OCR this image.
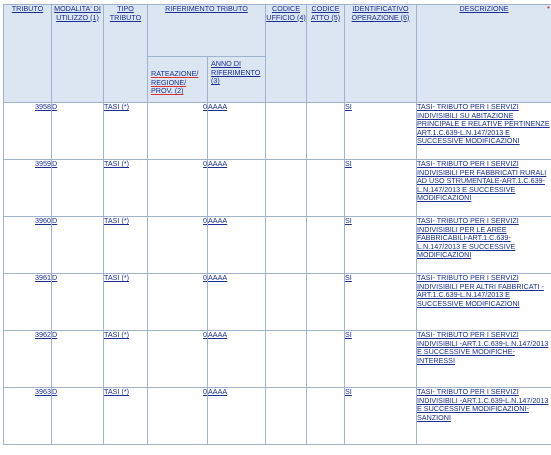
TRIBUTO	MODALITA' DI UTILIZZO (1)	TIPO TRIBUTO	RIFERIMENTO TRIBUTO		CODICE UFFICIO (4)	CODICE ATTO (5)	IDENTIFICATIVO OPERAZIONE (6)	DESCRIZIONE
			RATEAZIONE/ REGIONE/ PROV. (2)	ANNO DI RIFERIMENTO (3)				
3958	D	TASI (*)	0	AAAA			SI	TASI- TRIBUTO PER I SERVIZI INDIVISIBILI SU ABITAZIONE PRINCIPALE E RELATIVE PERTINENZE ART.1.C.639-L.N.147/2013 E SUCCESSIVE MODIFICAZIONI
3959	D	TASI (*)	0	AAAA			SI	TASI- TRIBUTO PER I SERVIZI INDIVISIBILI PER FABBRICATI RURALI AD USO STRUMENTALE-ART.1.C.639-L.N.147/2013 E SUCCESSIVE MODIFICAZIONI
3960	D	TASI (*)	0	AAAA			SI	TASI- TRIBUTO PER I SERVIZI INDIVISIBILI PER LE AREE FABBRICABILI-ART.1.C.639-L.N.147/2013 E SUCCESSIVE MODIFICAZIONI
3961	D	TASI (*)	0	AAAA			SI	TASI- TRIBUTO PER I SERVIZI INDIVISIBILI PER ALTRI FABBRICATI -ART.1.C.639-L.N.147/2013 E SUCCESSIVE MODIFICAZIONI
3962	D	TASI (*)	0	AAAA			SI	TASI- TRIBUTO PER I SERVIZI INDIVISIBILI -ART.1.C.639-L.N.147/2013 E SUCCESSIVE MODIFICHE-INTERESSI
3963	D	TASI (*)	0	AAAA			SI	TASI- TRIBUTO PER I SERVIZI INDIVISIBILI -ART.1.C.639-L.N.147/2013 E SUCCESSIVE MODIFICAZIONI-SANZIONI
•
